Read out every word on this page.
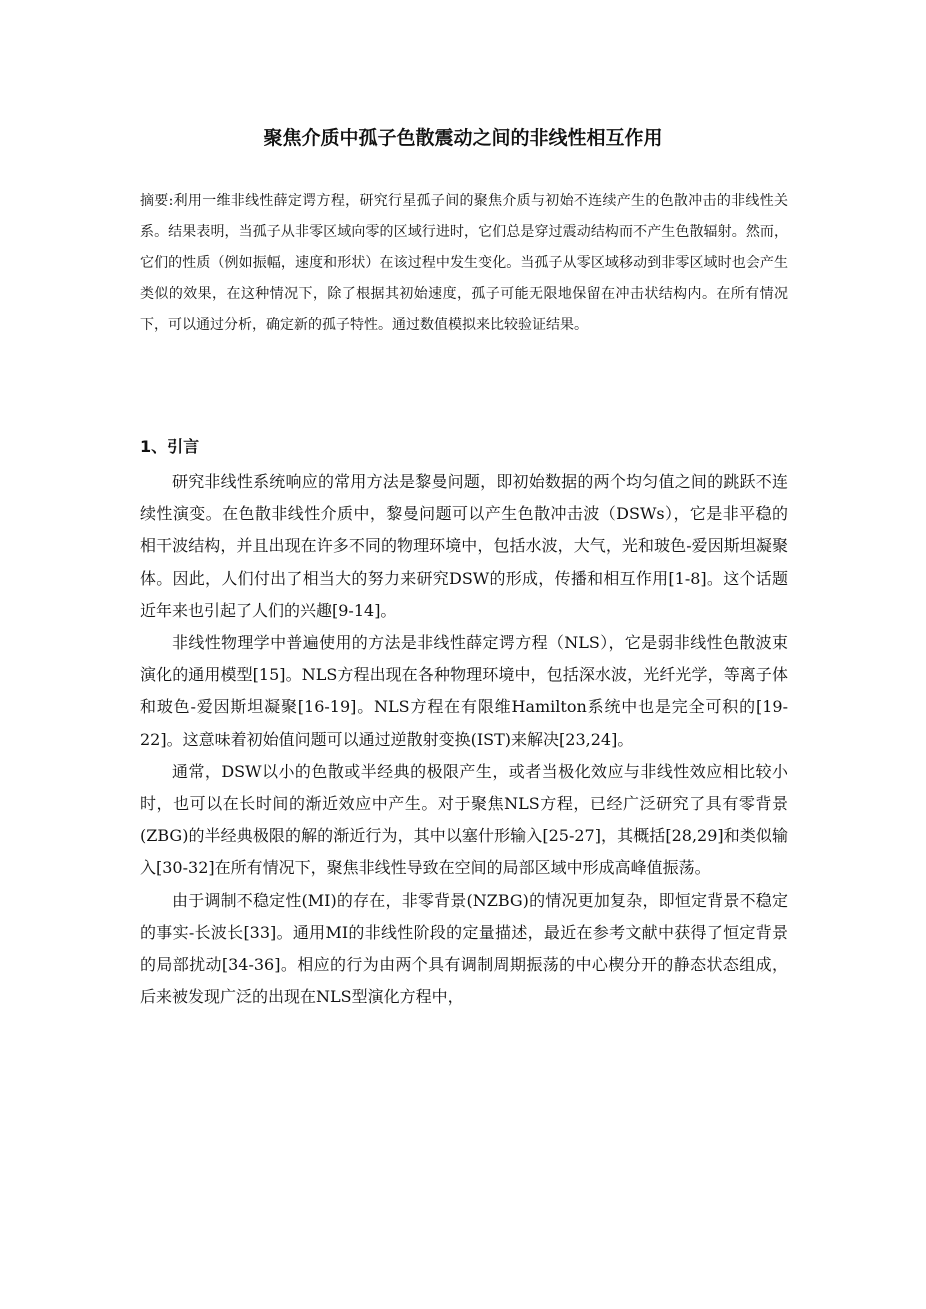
聚焦介质中孤子色散震动之间的非线性相互作用

摘要:利用一维非线性薛定谔方程，研究行星孤子间的聚焦介质与初始不连续产生的色散冲击的非线性关系。结果表明，当孤子从非零区域向零的区域行进时，它们总是穿过震动结构而不产生色散辐射。然而，它们的性质（例如振幅，速度和形状）在该过程中发生变化。当孤子从零区域移动到非零区域时也会产生类似的效果，在这种情况下，除了根据其初始速度，孤子可能无限地保留在冲击状结构内。在所有情况下，可以通过分析，确定新的孤子特性。通过数值模拟来比较验证结果。

1、引言

研究非线性系统响应的常用方法是黎曼问题，即初始数据的两个均匀值之间的跳跃不连续性演变。在色散非线性介质中，黎曼问题可以产生色散冲击波（DSWs），它是非平稳的相干波结构，并且出现在许多不同的物理环境中，包括水波，大气，光和玻色-爱因斯坦凝聚体。因此，人们付出了相当大的努力来研究DSW的形成，传播和相互作用[1-8]。这个话题近年来也引起了人们的兴趣[9-14]。

非线性物理学中普遍使用的方法是非线性薛定谔方程（NLS），它是弱非线性色散波束演化的通用模型[15]。NLS方程出现在各种物理环境中，包括深水波，光纤光学，等离子体和玻色-爱因斯坦凝聚[16-19]。NLS方程在有限维Hamilton系统中也是完全可积的[19-22]。这意味着初始值问题可以通过逆散射变换(IST)来解决[23,24]。

通常，DSW以小的色散或半经典的极限产生，或者当极化效应与非线性效应相比较小时，也可以在长时间的渐近效应中产生。对于聚焦NLS方程，已经广泛研究了具有零背景(ZBG)的半经典极限的解的渐近行为，其中以塞什形输入[25-27]，其概括[28,29]和类似输入[30-32]在所有情况下，聚焦非线性导致在空间的局部区域中形成高峰值振荡。

由于调制不稳定性(MI)的存在，非零背景(NZBG)的情况更加复杂，即恒定背景不稳定的事实-长波长[33]。通用MI的非线性阶段的定量描述，最近在参考文献中获得了恒定背景的局部扰动[34-36]。相应的行为由两个具有调制周期振荡的中心楔分开的静态状态组成，后来被发现广泛的出现在NLS型演化方程中，
